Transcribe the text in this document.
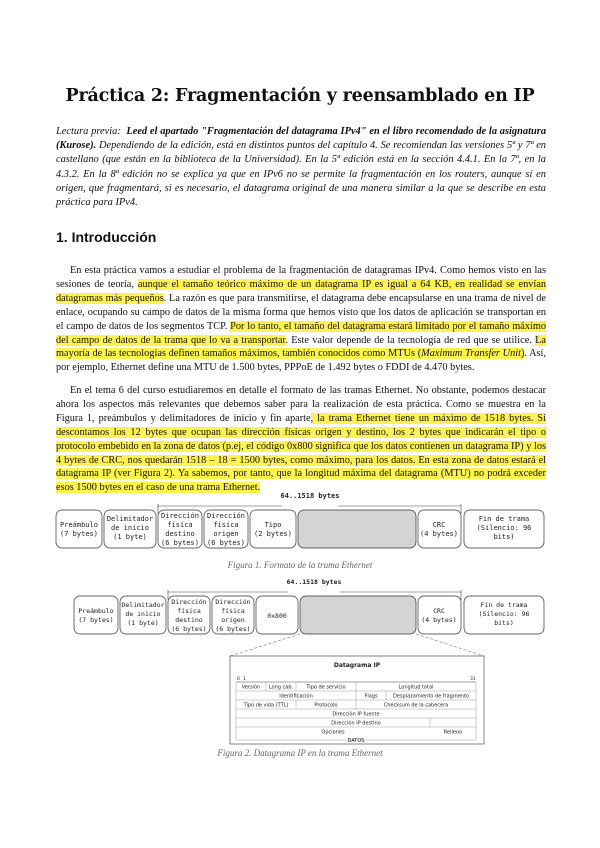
Práctica 2: Fragmentación y reensamblado en IP

Lectura previa: Leed el apartado "Fragmentación del datagrama IPv4" en el libro recomendado de la asignatura (Kurose). Dependiendo de la edición, está en distintos puntos del capítulo 4. Se recomiendan las versiones 5ª y 7ª en castellano (que están en la biblioteca de la Universidad). En la 5ª edición está en la sección 4.4.1. En la 7ª, en la 4.3.2. En la 8ª edición no se explica ya que en IPv6 no se permite la fragmentación en los routers, aunque sí en origen, que fragmentará, si es necesario, el datagrama original de una manera similar a la que se describe en esta práctica para IPv4.

1. Introducción

En esta práctica vamos a estudiar el problema de la fragmentación de datagramas IPv4. Como hemos visto en las sesiones de teoría, aunque el tamaño teórico máximo de un datagrama IP es igual a 64 KB, en realidad se envían datagramas más pequeños. La razón es que para transmitirse, el datagrama debe encapsularse en una trama de nivel de enlace, ocupando su campo de datos de la misma forma que hemos visto que los datos de aplicación se transportan en el campo de datos de los segmentos TCP. Por lo tanto, el tamaño del datagrama estará limitado por el tamaño máximo del campo de datos de la trama que lo va a transportar. Este valor depende de la tecnología de red que se utilice. La mayoría de las tecnologías definen tamaños máximos, también conocidos como MTUs (Maximum Transfer Unit). Así, por ejemplo, Ethernet define una MTU de 1.500 bytes, PPPoE de 1.492 bytes o FDDI de 4.470 bytes.

En el tema 6 del curso estudiaremos en detalle el formato de las tramas Ethernet. No obstante, podemos destacar ahora los aspectos más relevantes que debemos saber para la realización de esta práctica. Como se muestra en la Figura 1, preámbulos y delimitadores de inicio y fin aparte, la trama Ethernet tiene un máximo de 1518 bytes. Si descontamos los 12 bytes que ocupan las dirección físicas origen y destino, los 2 bytes que indicarán el tipo o protocolo embebido en la zona de datos (p.ej, el código 0x800 significa que los datos contienen un datagrama IP) y los 4 bytes de CRC, nos quedarán 1518 – 18 = 1500 bytes, como máximo, para los datos. En esta zona de datos estará el datagrama IP (ver Figura 2). Ya sabemos, por tanto, que la longitud máxima del datagrama (MTU) no podrá exceder esos 1500 bytes en el caso de una trama Ethernet.

64..1518 bytes
Preámbulo
(7 bytes)
Delimitador
de inicio
(1 byte)
Dirección
física
destino
(6 bytes)
Dirección
física
origen
(6 bytes)
Tipo
(2 bytes)
CRC
(4 bytes)
Fin de trama
(Silencio: 96
bits)

Figura 1. Formato de la trama Ethernet

64..1518 bytes
Preámbulo
(7 bytes)
Delimitador
de inicio
(1 byte)
Dirección
física
destino
(6 bytes)
Dirección
física
origen
(6 bytes)
0x800
CRC
(4 bytes)
Fin de trama
(Silencio: 96
bits)
Datagrama IP
0 1	31
Versión Long cab.	Tipo de servicio	Longitud total
Identificación	Flags	Desplazamiento de fragmento
Tipo de vida (TTL)	Protocolo	Checksum de la cabecera
Dirección IP fuente
Dirección IP destino
Opciones	Relleno
DATOS

Figura 2. Datagrama IP en la trama Ethernet
